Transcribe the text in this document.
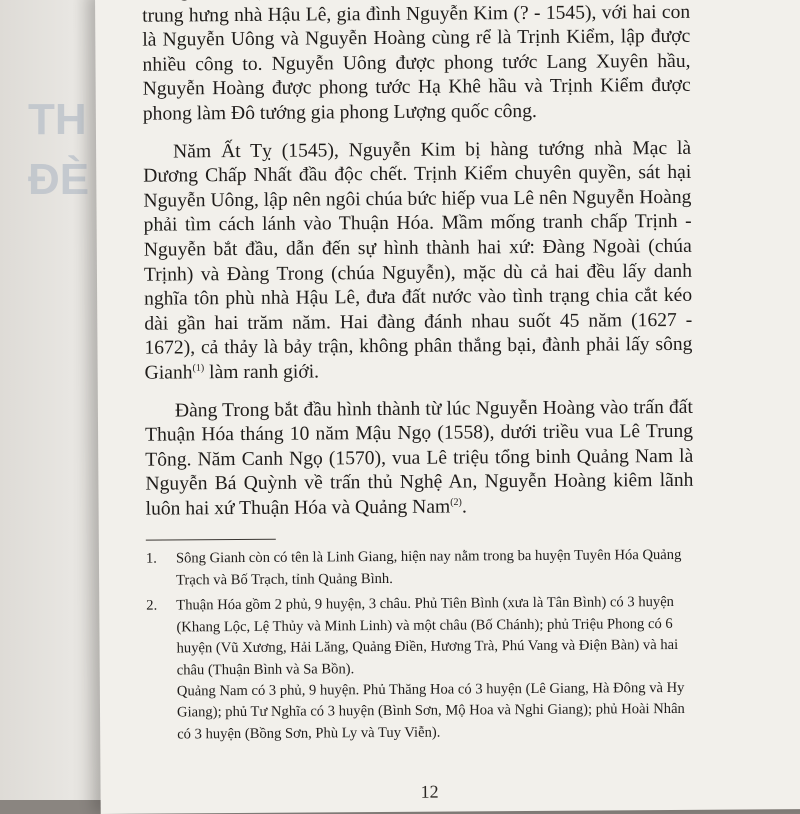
TH
ĐÈ

trung hưng nhà Hậu Lê, gia đình Nguyễn Kim (? - 1545), với hai con là Nguyễn Uông và Nguyễn Hoàng cùng rể là Trịnh Kiểm, lập được nhiều công to. Nguyễn Uông được phong tước Lang Xuyên hầu, Nguyễn Hoàng được phong tước Hạ Khê hầu và Trịnh Kiểm được phong làm Đô tướng gia phong Lượng quốc công.

Năm Ất Tỵ (1545), Nguyễn Kim bị hàng tướng nhà Mạc là Dương Chấp Nhất đầu độc chết. Trịnh Kiểm chuyên quyền, sát hại Nguyễn Uông, lập nên ngôi chúa bức hiếp vua Lê nên Nguyễn Hoàng phải tìm cách lánh vào Thuận Hóa. Mầm mống tranh chấp Trịnh - Nguyễn bắt đầu, dẫn đến sự hình thành hai xứ: Đàng Ngoài (chúa Trịnh) và Đàng Trong (chúa Nguyễn), mặc dù cả hai đều lấy danh nghĩa tôn phù nhà Hậu Lê, đưa đất nước vào tình trạng chia cắt kéo dài gần hai trăm năm. Hai đàng đánh nhau suốt 45 năm (1627 - 1672), cả thảy là bảy trận, không phân thắng bại, đành phải lấy sông Gianh$^{(1)}$ làm ranh giới.

Đàng Trong bắt đầu hình thành từ lúc Nguyễn Hoàng vào trấn đất Thuận Hóa tháng 10 năm Mậu Ngọ (1558), dưới triều vua Lê Trung Tông. Năm Canh Ngọ (1570), vua Lê triệu tổng binh Quảng Nam là Nguyễn Bá Quỳnh về trấn thủ Nghệ An, Nguyễn Hoàng kiêm lãnh luôn hai xứ Thuận Hóa và Quảng Nam$^{(2)}$.

1.	Sông Gianh còn có tên là Linh Giang, hiện nay nằm trong ba huyện Tuyên Hóa Quảng Trạch và Bố Trạch, tỉnh Quảng Bình.
2.	Thuận Hóa gồm 2 phủ, 9 huyện, 3 châu. Phủ Tiên Bình (xưa là Tân Bình) có 3 huyện (Khang Lộc, Lệ Thủy và Minh Linh) và một châu (Bố Chánh); phủ Triệu Phong có 6 huyện (Vũ Xương, Hải Lăng, Quảng Điền, Hương Trà, Phú Vang và Điện Bàn) và hai châu (Thuận Bình và Sa Bồn).
Quảng Nam có 3 phủ, 9 huyện. Phủ Thăng Hoa có 3 huyện (Lê Giang, Hà Đông và Hy Giang); phủ Tư Nghĩa có 3 huyện (Bình Sơn, Mộ Hoa và Nghi Giang); phủ Hoài Nhân có 3 huyện (Bồng Sơn, Phù Ly và Tuy Viễn).
12
